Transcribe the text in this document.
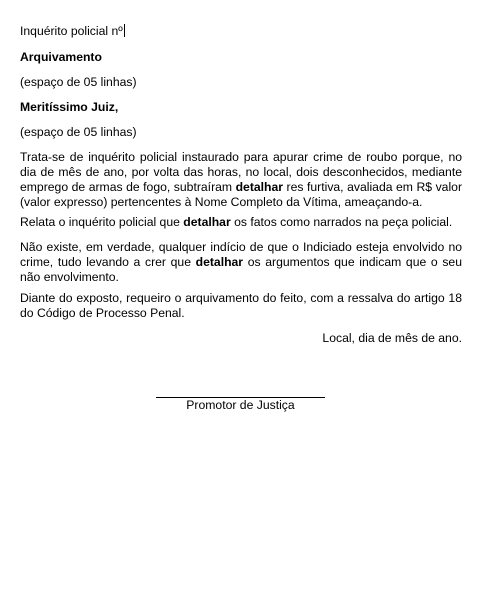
Inquérito policial nº

Arquivamento

(espaço de 05 linhas)

Meritíssimo Juiz,

(espaço de 05 linhas)

Trata-se de inquérito policial instaurado para apurar crime de roubo porque, no dia de mês de ano, por volta das horas, no local, dois desconhecidos, mediante emprego de armas de fogo, subtraíram detalhar res furtiva, avaliada em R$ valor (valor expresso) pertencentes à Nome Completo da Vítima, ameaçando-a.

Relata o inquérito policial que detalhar os fatos como narrados na peça policial.

Não existe, em verdade, qualquer indício de que o Indiciado esteja envolvido no crime, tudo levando a crer que detalhar os argumentos que indicam que o seu não envolvimento.

Diante do exposto, requeiro o arquivamento do feito, com a ressalva do artigo 18 do Código de Processo Penal.

Local, dia de mês de ano.

Promotor de Justiça
